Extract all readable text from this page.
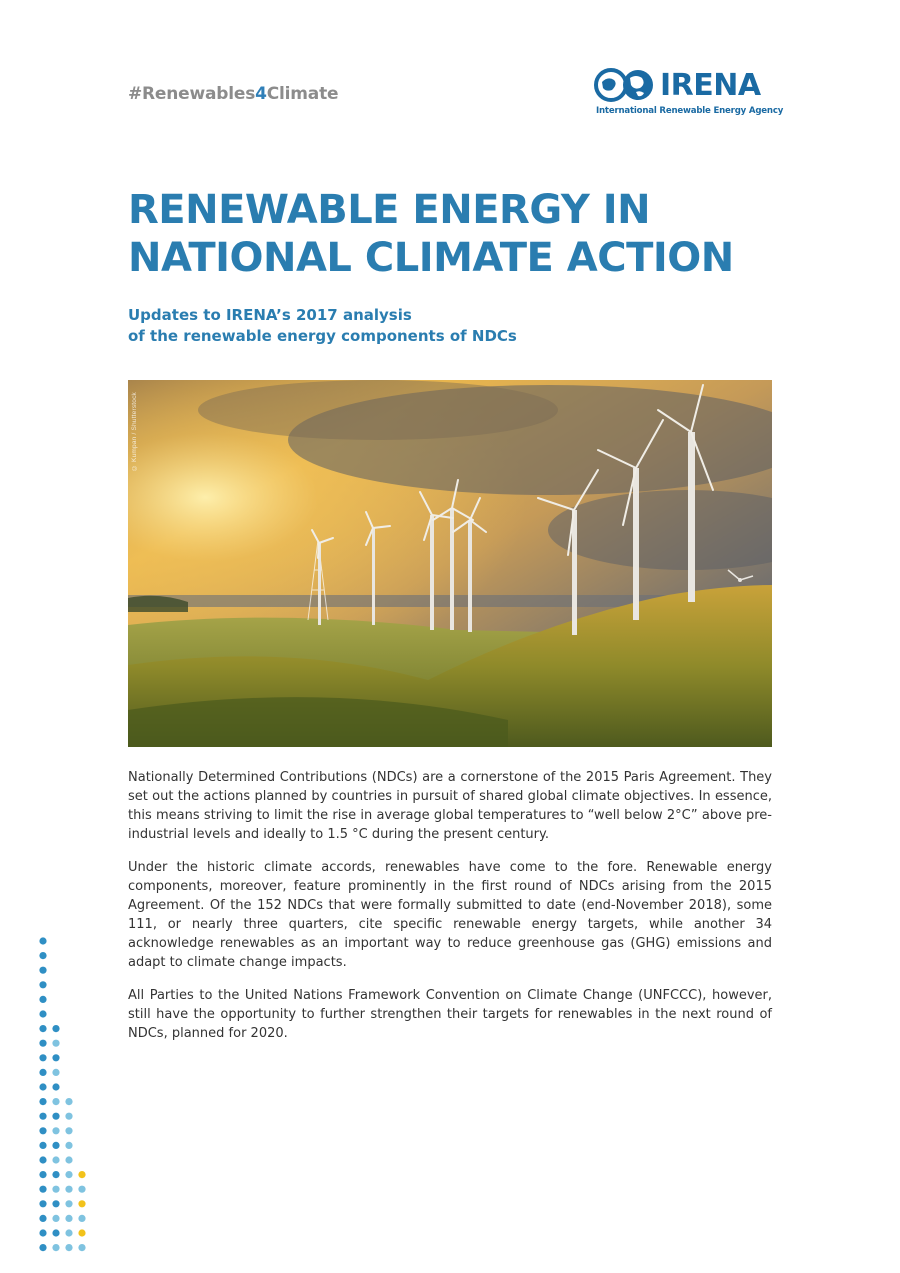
#Renewables4Climate	IRENA
International Renewable Energy Agency
RENEWABLE ENERGY IN
NATIONAL CLIMATE ACTION
Updates to IRENA’s 2017 analysis
of the renewable energy components of NDCs
© Kumpan / Shutterstock

Nationally Determined Contributions (NDCs) are a cornerstone of the 2015 Paris Agreement. They set out the actions planned by countries in pursuit of shared global climate objectives. In essence, this means striving to limit the rise in average global temperatures to “well below 2°C” above pre-industrial levels and ideally to 1.5 °C during the present century.

Under the historic climate accords, renewables have come to the fore. Renewable energy components, moreover, feature prominently in the first round of NDCs arising from the 2015 Agreement. Of the 152 NDCs that were formally submitted to date (end-November 2018), some 111, or nearly three quarters, cite specific renewable energy targets, while another 34 acknowledge renewables as an important way to reduce greenhouse gas (GHG) emissions and adapt to climate change impacts.

All Parties to the United Nations Framework Convention on Climate Change (UNFCCC), however, still have the opportunity to further strengthen their targets for renewables in the next round of NDCs, planned for 2020.
